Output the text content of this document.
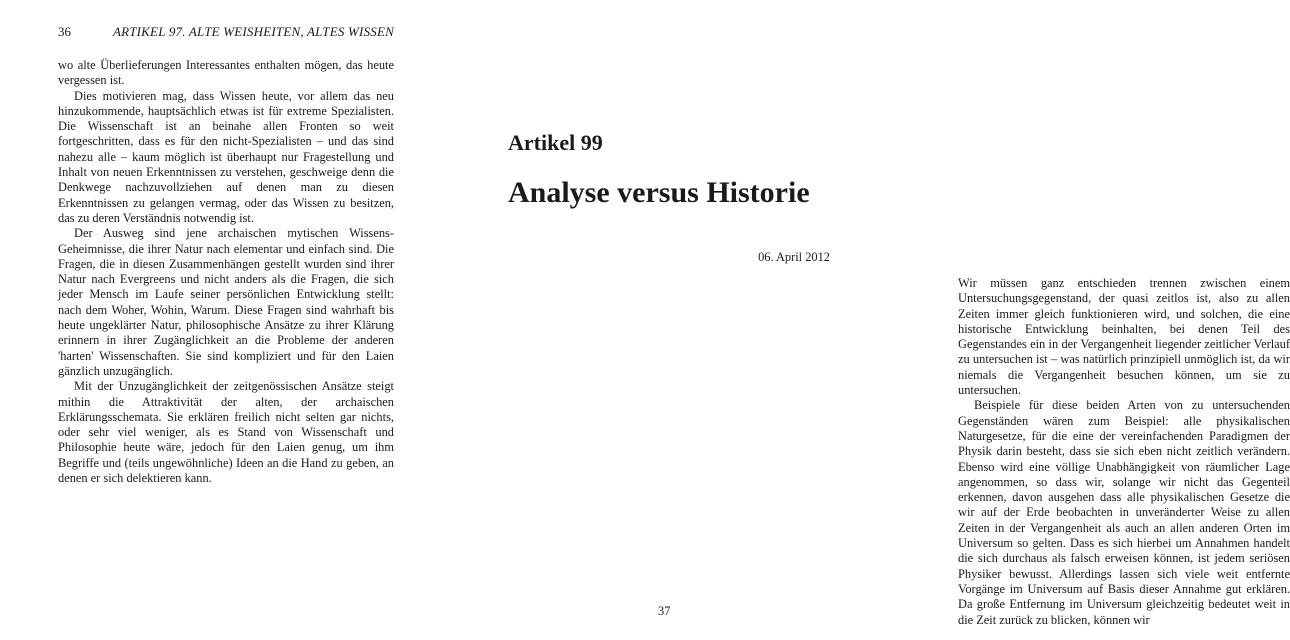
36	ARTIKEL 97. ALTE WEISHEITEN, ALTES WISSEN

wo alte Überlieferungen Interessantes enthalten mögen, das heute vergessen ist.

Dies motivieren mag, dass Wissen heute, vor allem das neu hinzukommende, hauptsächlich etwas ist für extreme Spezialisten. Die Wissenschaft ist an beinahe allen Fronten so weit fortgeschritten, dass es für den nicht-Spezialisten – und das sind nahezu alle – kaum möglich ist überhaupt nur Fragestellung und Inhalt von neuen Erkenntnissen zu verstehen, geschweige denn die Denkwege nachzuvollziehen auf denen man zu diesen Erkenntnissen zu gelangen vermag, oder das Wissen zu besitzen, das zu deren Verständnis notwendig ist.

Der Ausweg sind jene archaischen mytischen Wissens-Geheimnisse, die ihrer Natur nach elementar und einfach sind. Die Fragen, die in diesen Zusammenhängen gestellt wurden sind ihrer Natur nach Evergreens und nicht anders als die Fragen, die sich jeder Mensch im Laufe seiner persönlichen Entwicklung stellt: nach dem Woher, Wohin, Warum. Diese Fragen sind wahrhaft bis heute ungeklärter Natur, philosophische Ansätze zu ihrer Klärung erinnern in ihrer Zugänglichkeit an die Probleme der anderen 'harten' Wissenschaften. Sie sind kompliziert und für den Laien gänzlich unzugänglich.

Mit der Unzugänglichkeit der zeitgenössischen Ansätze steigt mithin die Attraktivität der alten, der archaischen Erklärungsschemata. Sie erklären freilich nicht selten gar nichts, oder sehr viel weniger, als es Stand von Wissenschaft und Philosophie heute wäre, jedoch für den Laien genug, um ihm Begriffe und (teils ungewöhnliche) Ideen an die Hand zu geben, an denen er sich delektieren kann.

Artikel 99
Analyse versus Historie
06. April 2012

Wir müssen ganz entschieden trennen zwischen einem Untersuchungsgegenstand, der quasi zeitlos ist, also zu allen Zeiten immer gleich funktionieren wird, und solchen, die eine historische Entwicklung beinhalten, bei denen Teil des Gegenstandes ein in der Vergangenheit liegender zeitlicher Verlauf zu untersuchen ist – was natürlich prinzipiell unmöglich ist, da wir niemals die Vergangenheit besuchen können, um sie zu untersuchen.

Beispiele für diese beiden Arten von zu untersuchenden Gegenständen wären zum Beispiel: alle physikalischen Naturgesetze, für die eine der vereinfachenden Paradigmen der Physik darin besteht, dass sie sich eben nicht zeitlich verändern. Ebenso wird eine völlige Unabhängigkeit von räumlicher Lage angenommen, so dass wir, solange wir nicht das Gegenteil erkennen, davon ausgehen dass alle physikalischen Gesetze die wir auf der Erde beobachten in unveränderter Weise zu allen Zeiten in der Vergangenheit als auch an allen anderen Orten im Universum so gelten. Dass es sich hierbei um Annahmen handelt die sich durchaus als falsch erweisen können, ist jedem seriösen Physiker bewusst. Allerdings lassen sich viele weit entfernte Vorgänge im Universum auf Basis dieser Annahme gut erklären. Da große Entfernung im Universum gleichzeitig bedeutet weit in die Zeit zurück zu blicken, können wir

37
